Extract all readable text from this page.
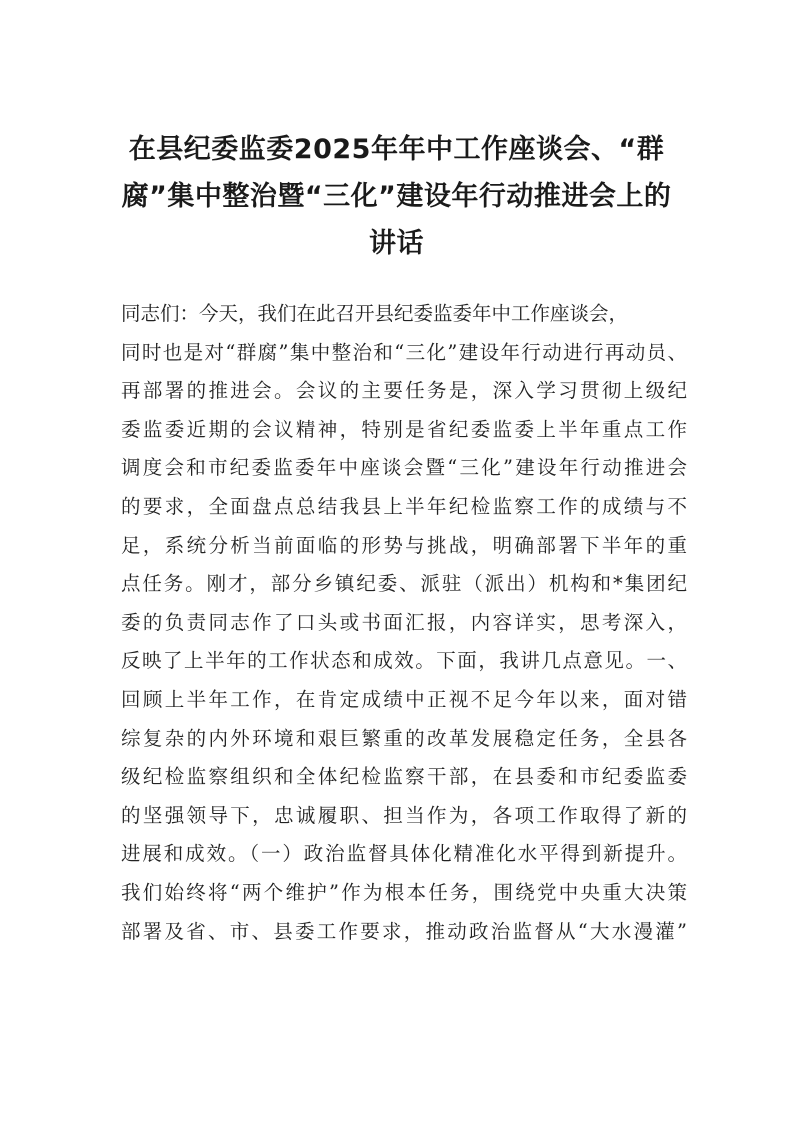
在县纪委监委2025年年中工作座谈会、“群腐”集中整治暨“三化”建设年行动推进会上的讲话
同志们：今天，我们在此召开县纪委监委年中工作座谈会，
同时也是对“群腐”集中整治和“三化”建设年行动进行再动员、
再部署的推进会。会议的主要任务是，深入学习贯彻上级纪
委监委近期的会议精神，特别是省纪委监委上半年重点工作
调度会和市纪委监委年中座谈会暨“三化”建设年行动推进会
的要求，全面盘点总结我县上半年纪检监察工作的成绩与不
足，系统分析当前面临的形势与挑战，明确部署下半年的重
点任务。刚才，部分乡镇纪委、派驻（派出）机构和*集团纪
委的负责同志作了口头或书面汇报，内容详实，思考深入，
反映了上半年的工作状态和成效。下面，我讲几点意见。一、
回顾上半年工作，在肯定成绩中正视不足今年以来，面对错
综复杂的内外环境和艰巨繁重的改革发展稳定任务，全县各
级纪检监察组织和全体纪检监察干部，在县委和市纪委监委
的坚强领导下，忠诚履职、担当作为，各项工作取得了新的
进展和成效。（一）政治监督具体化精准化水平得到新提升。
我们始终将“两个维护”作为根本任务，围绕党中央重大决策
部署及省、市、县委工作要求，推动政治监督从“大水漫灌”
